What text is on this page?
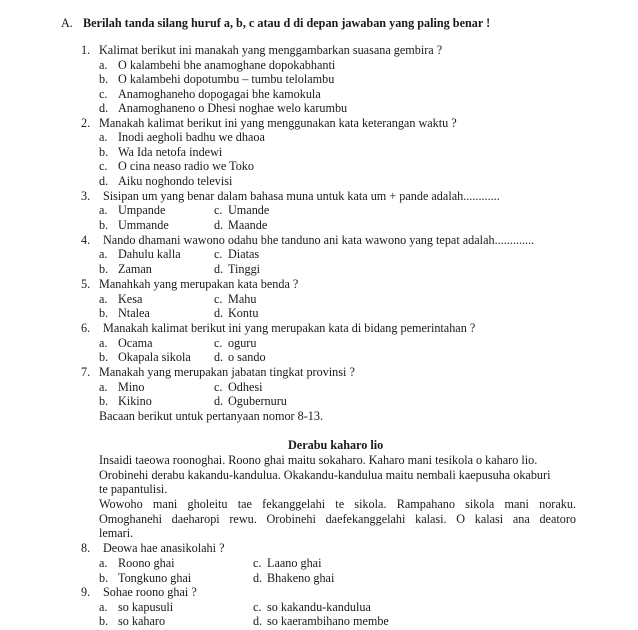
A. Berilah tanda silang huruf a, b, c atau d di depan jawaban yang paling benar !
1. Kalimat berikut ini manakah yang menggambarkan suasana gembira ?
a. O kalambehi bhe anamoghane dopokabhanti
b. O kalambehi dopotumbu – tumbu telolambu
c. Anamoghaneho dopogagai bhe kamokula
d. Anamoghaneno o Dhesi noghae welo karumbu
2. Manakah kalimat berikut ini yang menggunakan kata keterangan waktu ?
a. Inodi aegholi badhu we dhaoa
b. Wa Ida netofa indewi
c. O cina neaso radio we Toko
d. Aiku noghondo televisi
3. Sisipan um yang benar dalam bahasa muna untuk kata um + pande adalah............
a. Umpande	c. Umande
b. Ummande	d. Maande
4. Nando dhamani wawono odahu bhe tanduno ani kata wawono yang tepat adalah.............
a. Dahulu kalla	c. Diatas
b. Zaman	d. Tinggi
5. Manahkah yang merupakan kata benda ?
a. Kesa	c. Mahu
b. Ntalea	d. Kontu
6. Manakah kalimat berikut ini yang merupakan kata di bidang pemerintahan ?
a. Ocama	c. oguru
b. Okapala sikola d. o sando
7. Manakah yang merupakan jabatan tingkat provinsi ?
a. Mino	c. Odhesi
b. Kikino	d. Ogubernuru
Bacaan berikut untuk pertanyaan nomor 8-13.
Derabu kaharo lio
Insaidi taeowa roonoghai. Roono ghai maitu sokaharo. Kaharo mani tesikola o kaharo lio.
Orobinehi derabu kakandu-kandulua. Okakandu-kandulua maitu nembali kaepusuha okaburi
te papantulisi.
Wowoho mani gholeitu tae fekanggelahi te sikola. Rampahano sikola mani noraku.
Omoghanehi daeharopi rewu. Orobinehi daefekanggelahi kalasi. O kalasi ana deatoro
lemari.
8. Deowa hae anasikolahi ?
a. Roono ghai	c. Laano ghai
b. Tongkuno ghai	d. Bhakeno ghai
9. Sohae roono ghai ?
a. so kapusuli	c. so kakandu-kandulua
b. so kaharo	d. so kaerambihano membe
